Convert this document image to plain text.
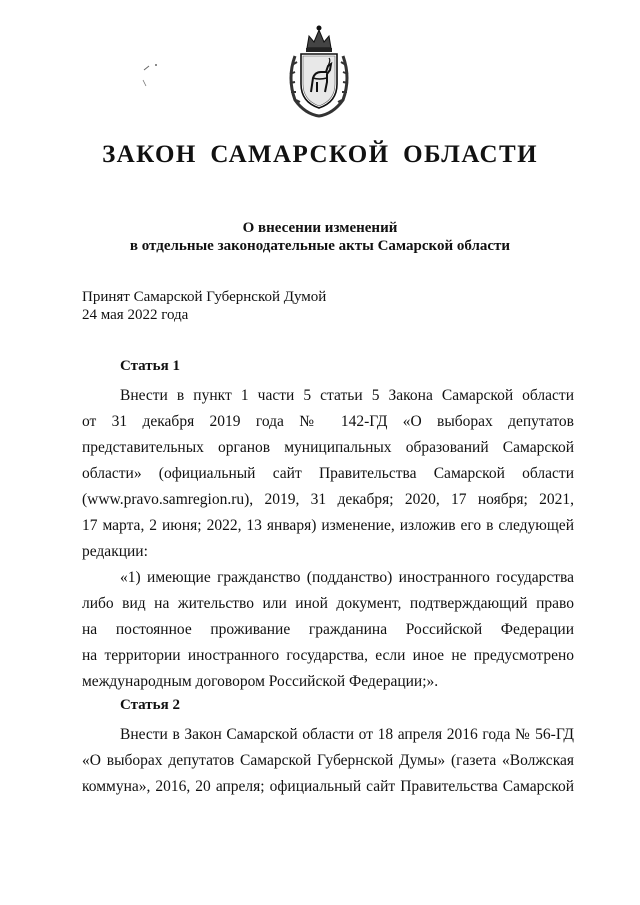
ЗАКОН САМАРСКОЙ ОБЛАСТИ
О внесении изменений
в отдельные законодательные акты Самарской области
Принят Самарской Губернской Думой
24 мая 2022 года
Статья 1
Внести в пункт 1 части 5 статьи 5 Закона Самарской области
от 31 декабря 2019 года № 142-ГД «О выборах депутатов
представительных органов муниципальных образований Самарской
области» (официальный сайт Правительства Самарской области
(www.pravo.samregion.ru), 2019, 31 декабря; 2020, 17 ноября; 2021,
17 марта, 2 июня; 2022, 13 января) изменение, изложив его в следующей
редакции:
«1) имеющие гражданство (подданство) иностранного государства
либо вид на жительство или иной документ, подтверждающий право
на постоянное проживание гражданина Российской Федерации
на территории иностранного государства, если иное не предусмотрено
международным договором Российской Федерации;».
Статья 2
Внести в Закон Самарской области от 18 апреля 2016 года № 56-ГД
«О выборах депутатов Самарской Губернской Думы» (газета «Волжская
коммуна», 2016, 20 апреля; официальный сайт Правительства Самарской
